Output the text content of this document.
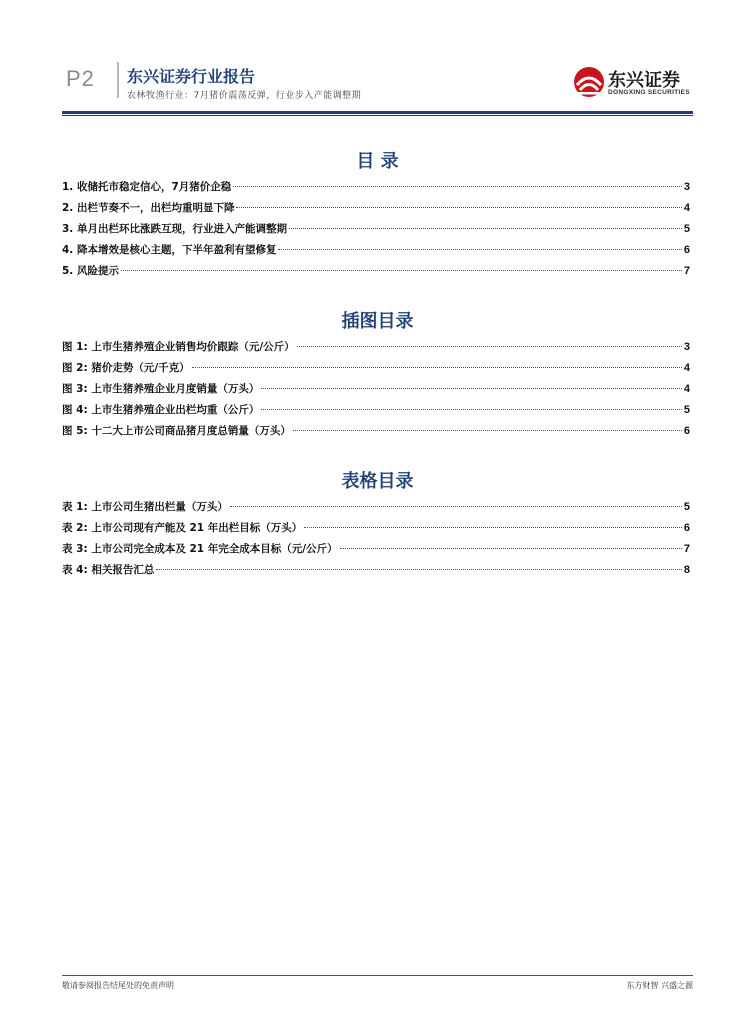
P2 东兴证券行业报告
农林牧渔行业：7月猪价震荡反弹，行业步入产能调整期
东兴证券
DONGXING SECURITIES
目 录
1. 收储托市稳定信心，7月猪价企稳	3
2. 出栏节奏不一，出栏均重明显下降	4
3. 单月出栏环比涨跌互现，行业进入产能调整期	5
4. 降本增效是核心主题，下半年盈利有望修复	6
5. 风险提示	7
插图目录
图 1: 上市生猪养殖企业销售均价跟踪（元/公斤）	3
图 2: 猪价走势（元/千克）	4
图 3: 上市生猪养殖企业月度销量（万头）	4
图 4: 上市生猪养殖企业出栏均重（公斤）	5
图 5: 十二大上市公司商品猪月度总销量（万头）	6
表格目录
表 1: 上市公司生猪出栏量（万头）	5
表 2: 上市公司现有产能及 21 年出栏目标（万头）	6
表 3: 上市公司完全成本及 21 年完全成本目标（元/公斤）	7
表 4: 相关报告汇总	8
敬请参阅报告结尾处的免责声明	东方财智 兴盛之源
